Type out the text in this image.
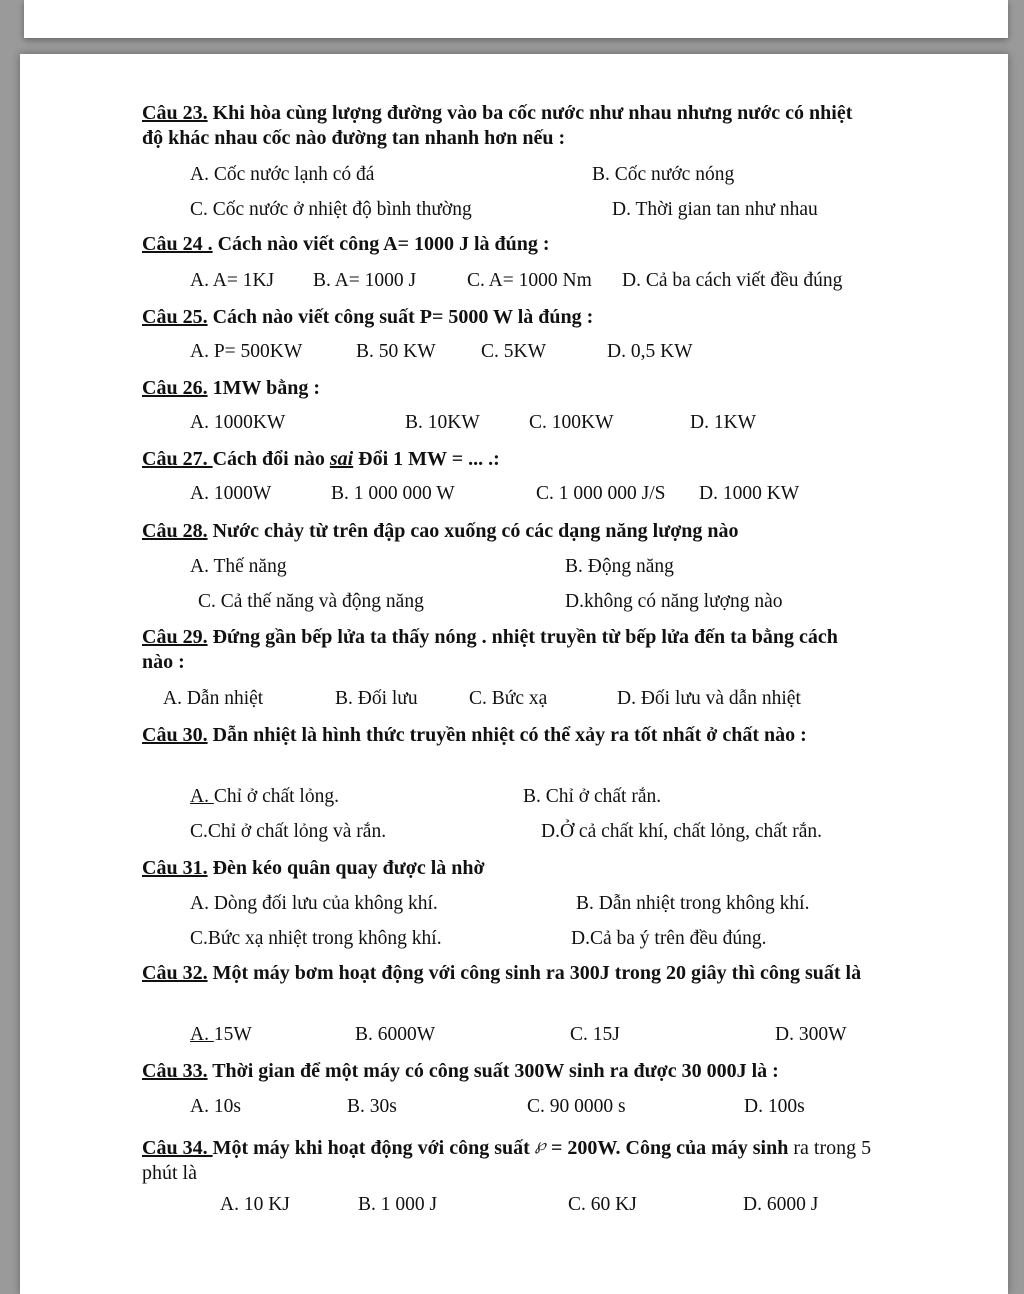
Câu 23. Khi hòa cùng lượng đường vào ba cốc nước như nhau nhưng nước có nhiệt độ khác nhau cốc nào đường tan nhanh hơn nếu :
A. Cốc nước lạnh có đá	B. Cốc nước nóng
C. Cốc nước ở nhiệt độ bình thường	D. Thời gian tan như nhau
Câu 24 . Cách nào viết công A= 1000 J là đúng :
A. A= 1KJ B. A= 1000 J	C. A= 1000 Nm D. Cả ba cách viết đều đúng
Câu 25. Cách nào viết công suất P= 5000 W là đúng :
A. P= 500KW	B. 50 KW C. 5KW	D. 0,5 KW
Câu 26. 1MW bằng :
A. 1000KW	B. 10KW	C. 100KW	D. 1KW
Câu 27. Cách đổi nào sai Đổi 1 MW = ... .:
A. 1000W	B. 1 000 000 W	C. 1 000 000 J/S D. 1000 KW
Câu 28. Nước chảy từ trên đập cao xuống có các dạng năng lượng nào
A. Thế năng	B. Động năng
C. Cả thế năng và động năng	D.không có năng lượng nào
Câu 29. Đứng gần bếp lửa ta thấy nóng . nhiệt truyền từ bếp lửa đến ta bằng cách nào :
A. Dẫn nhiệt	B. Đối lưu	C. Bức xạ	D. Đối lưu và dẫn nhiệt
Câu 30. Dẫn nhiệt là hình thức truyền nhiệt có thể xảy ra tốt nhất ở chất nào :
A. Chỉ ở chất lỏng.	B. Chỉ ở chất rắn.
C.Chỉ ở chất lỏng và rắn.	D.Ở cả chất khí, chất lỏng, chất rắn.
Câu 31. Đèn kéo quân quay được là nhờ
A. Dòng đối lưu của không khí.	B. Dẫn nhiệt trong không khí.
C.Bức xạ nhiệt trong không khí.	D.Cả ba ý trên đều đúng.
Câu 32. Một máy bơm hoạt động với công sinh ra 300J trong 20 giây thì công suất là
A. 15W	B. 6000W	C. 15J	D. 300W
Câu 33. Thời gian để một máy có công suất 300W sinh ra được 30 000J là :
A. 10s	B. 30s	C. 90 0000 s	D. 100s
Câu 34. Một máy khi hoạt động với công suất ℘ = 200W. Công của máy sinh ra trong 5 phút là
A. 10 KJ	B. 1 000 J	C. 60 KJ	D. 6000 J
